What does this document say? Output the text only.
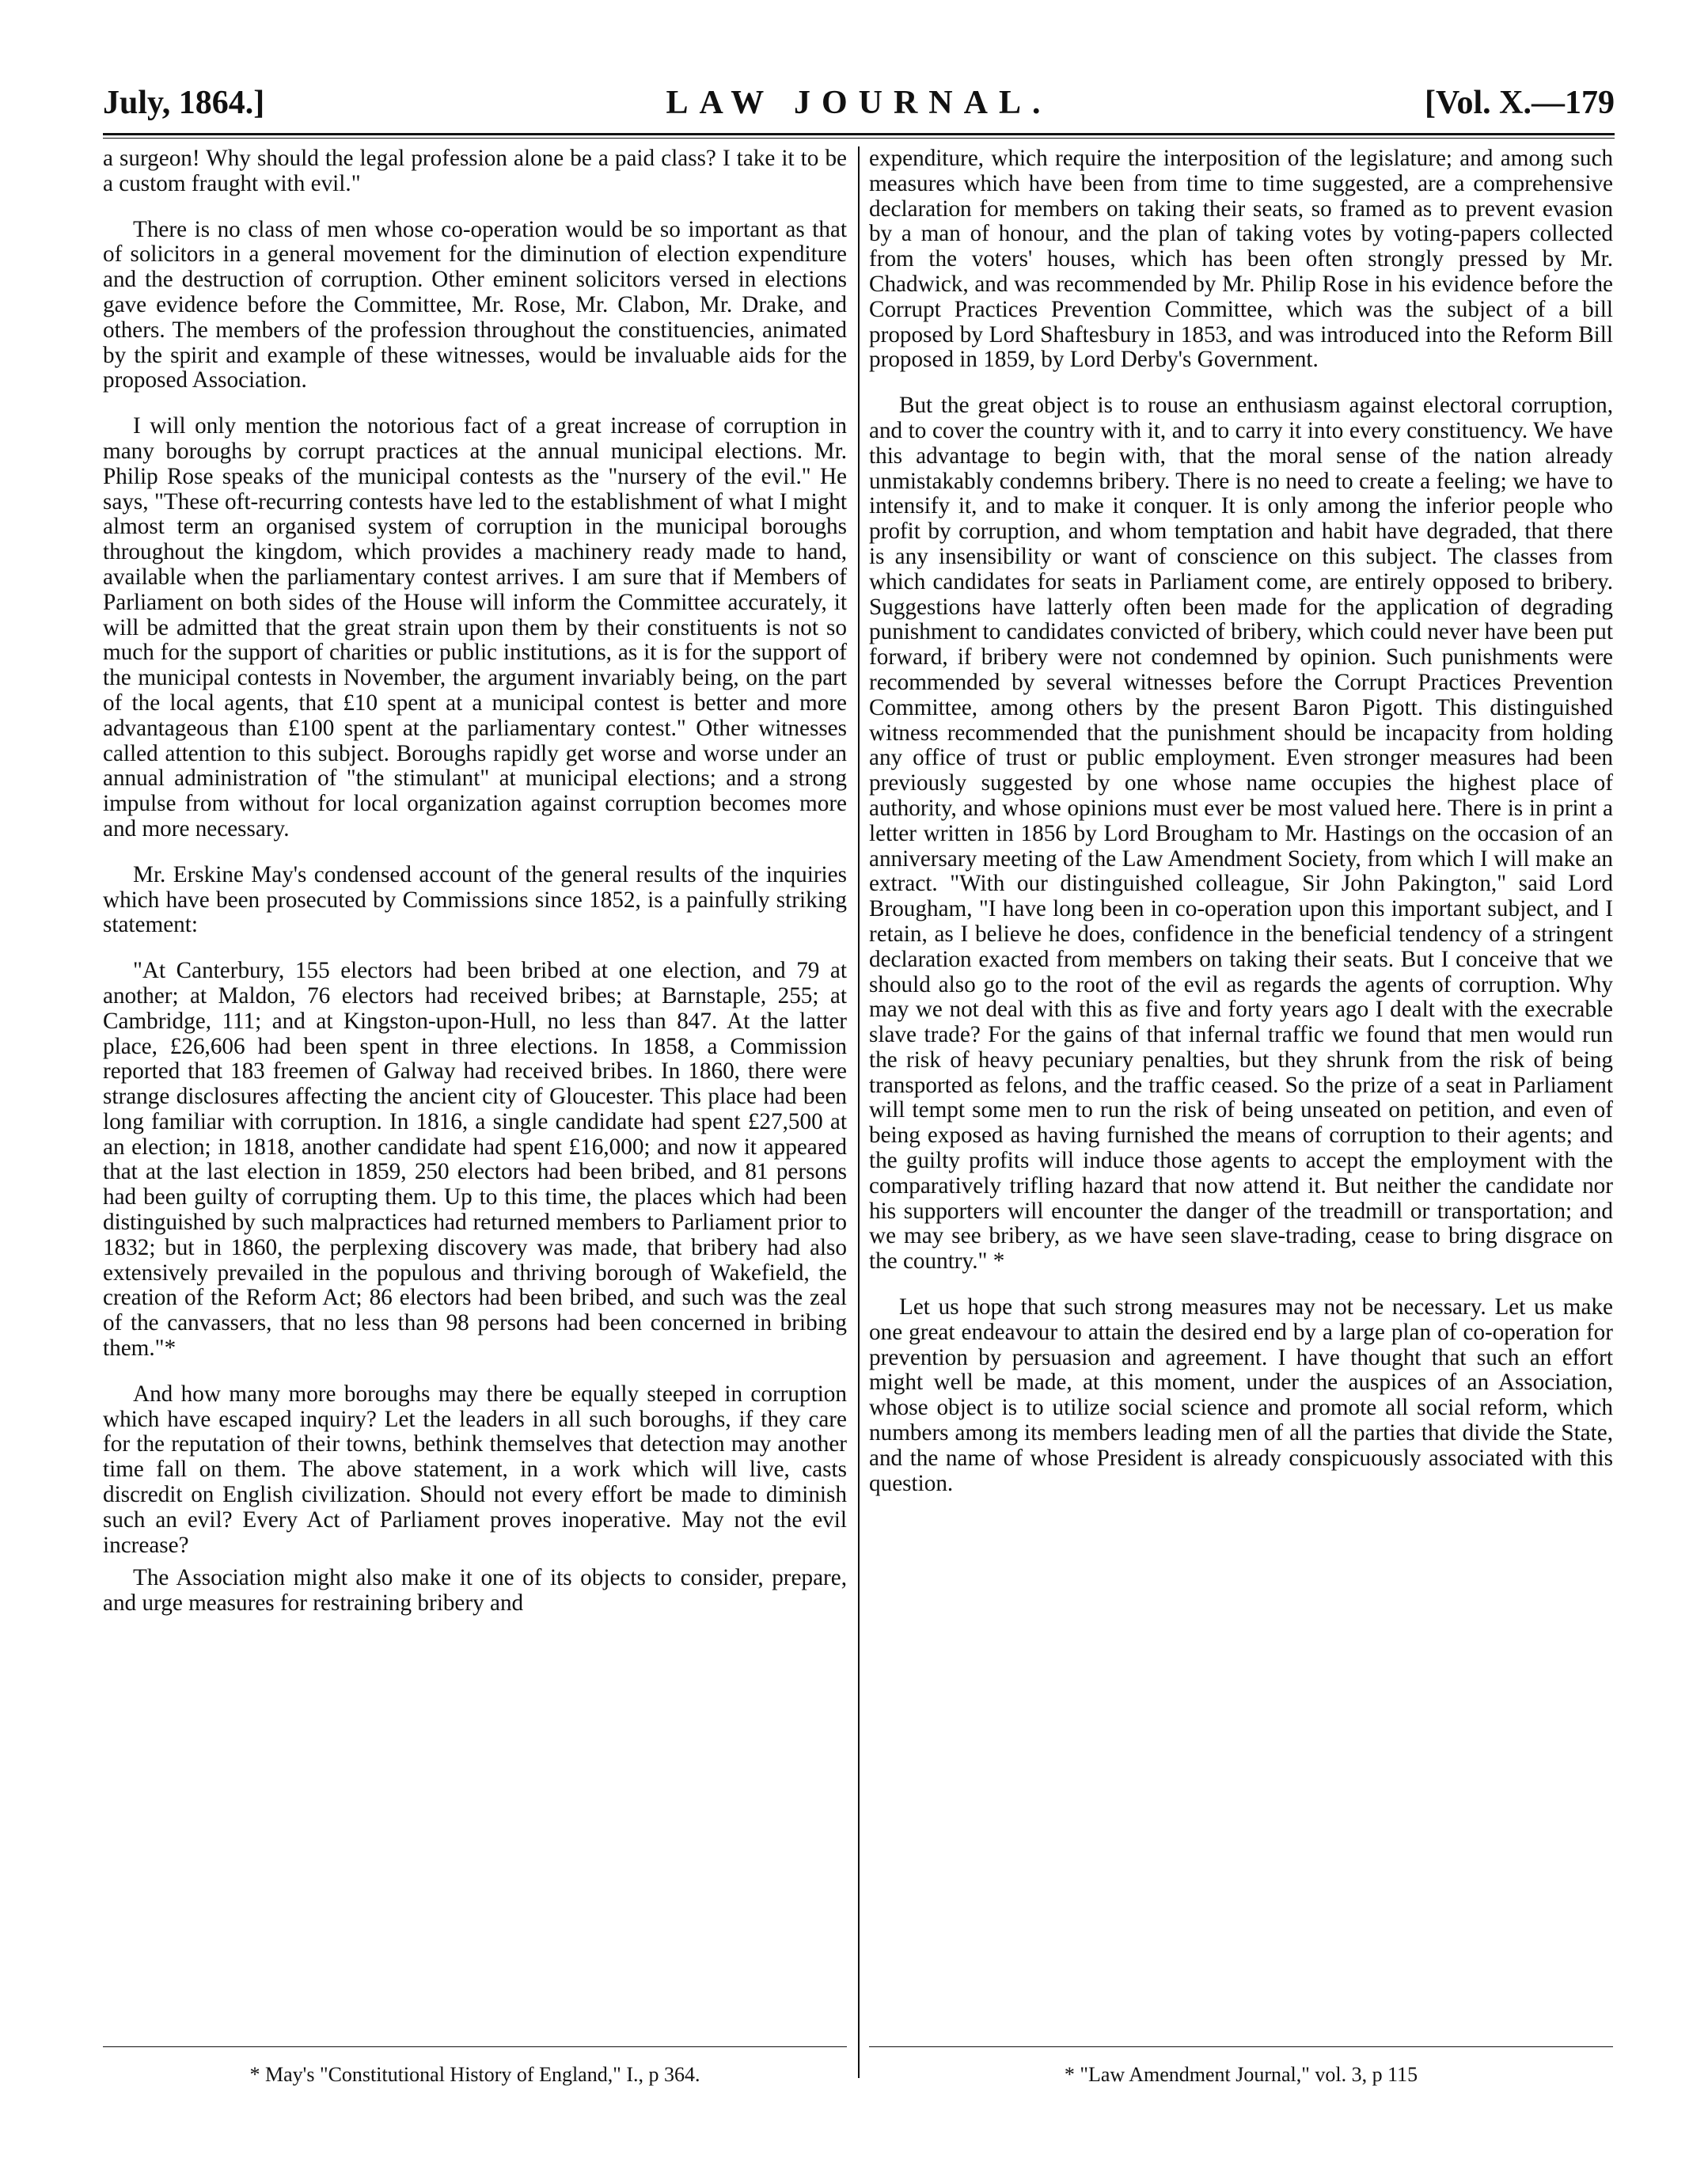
LAW JOURNAL.
July, 1864.]	[Vol. X.—179

a surgeon! Why should the legal profession alone be a paid class? I take it to be a custom fraught with evil."

There is no class of men whose co-operation would be so important as that of solicitors in a general movement for the diminution of election expenditure and the destruction of corruption. Other eminent solicitors versed in elections gave evidence before the Committee, Mr. Rose, Mr. Clabon, Mr. Drake, and others. The members of the profession throughout the constituencies, animated by the spirit and example of these witnesses, would be invaluable aids for the proposed Association.

I will only mention the notorious fact of a great increase of corruption in many boroughs by corrupt practices at the annual municipal elections. Mr. Philip Rose speaks of the municipal contests as the "nursery of the evil." He says, "These oft-recurring contests have led to the establishment of what I might almost term an organised system of corruption in the municipal boroughs throughout the kingdom, which provides a machinery ready made to hand, available when the parliamentary contest arrives. I am sure that if Members of Parliament on both sides of the House will inform the Committee accurately, it will be admitted that the great strain upon them by their constituents is not so much for the support of charities or public institutions, as it is for the support of the municipal contests in November, the argument invariably being, on the part of the local agents, that £10 spent at a municipal contest is better and more advantageous than £100 spent at the parliamentary contest." Other witnesses called attention to this subject. Boroughs rapidly get worse and worse under an annual administration of "the stimulant" at municipal elections; and a strong impulse from without for local organization against corruption becomes more and more necessary.

Mr. Erskine May's condensed account of the general results of the inquiries which have been prosecuted by Commissions since 1852, is a painfully striking statement:

"At Canterbury, 155 electors had been bribed at one election, and 79 at another; at Maldon, 76 electors had received bribes; at Barnstaple, 255; at Cambridge, 111; and at Kingston-upon-Hull, no less than 847. At the latter place, £26,606 had been spent in three elections. In 1858, a Commission reported that 183 freemen of Galway had received bribes. In 1860, there were strange disclosures affecting the ancient city of Gloucester. This place had been long familiar with corruption. In 1816, a single candidate had spent £27,500 at an election; in 1818, another candidate had spent £16,000; and now it appeared that at the last election in 1859, 250 electors had been bribed, and 81 persons had been guilty of corrupting them. Up to this time, the places which had been distinguished by such malpractices had returned members to Parliament prior to 1832; but in 1860, the perplexing discovery was made, that bribery had also extensively prevailed in the populous and thriving borough of Wakefield, the creation of the Reform Act; 86 electors had been bribed, and such was the zeal of the canvassers, that no less than 98 persons had been concerned in bribing them."*

And how many more boroughs may there be equally steeped in corruption which have escaped inquiry? Let the leaders in all such boroughs, if they care for the reputation of their towns, bethink themselves that detection may another time fall on them. The above statement, in a work which will live, casts discredit on English civilization. Should not every effort be made to diminish such an evil? Every Act of Parliament proves inoperative. May not the evil increase?

The Association might also make it one of its objects to consider, prepare, and urge measures for restraining bribery and

expenditure, which require the interposition of the legislature; and among such measures which have been from time to time suggested, are a comprehensive declaration for members on taking their seats, so framed as to prevent evasion by a man of honour, and the plan of taking votes by voting-papers collected from the voters' houses, which has been often strongly pressed by Mr. Chadwick, and was recommended by Mr. Philip Rose in his evidence before the Corrupt Practices Prevention Committee, which was the subject of a bill proposed by Lord Shaftesbury in 1853, and was introduced into the Reform Bill proposed in 1859, by Lord Derby's Government.

But the great object is to rouse an enthusiasm against electoral corruption, and to cover the country with it, and to carry it into every constituency. We have this advantage to begin with, that the moral sense of the nation already unmistakably condemns bribery. There is no need to create a feeling; we have to intensify it, and to make it conquer. It is only among the inferior people who profit by corruption, and whom temptation and habit have degraded, that there is any insensibility or want of conscience on this subject. The classes from which candidates for seats in Parliament come, are entirely opposed to bribery. Suggestions have latterly often been made for the application of degrading punishment to candidates convicted of bribery, which could never have been put forward, if bribery were not condemned by opinion. Such punishments were recommended by several witnesses before the Corrupt Practices Prevention Committee, among others by the present Baron Pigott. This distinguished witness recommended that the punishment should be incapacity from holding any office of trust or public employment. Even stronger measures had been previously suggested by one whose name occupies the highest place of authority, and whose opinions must ever be most valued here. There is in print a letter written in 1856 by Lord Brougham to Mr. Hastings on the occasion of an anniversary meeting of the Law Amendment Society, from which I will make an extract. "With our distinguished colleague, Sir John Pakington," said Lord Brougham, "I have long been in co-operation upon this important subject, and I retain, as I believe he does, confidence in the beneficial tendency of a stringent declaration exacted from members on taking their seats. But I conceive that we should also go to the root of the evil as regards the agents of corruption. Why may we not deal with this as five and forty years ago I dealt with the execrable slave trade? For the gains of that infernal traffic we found that men would run the risk of heavy pecuniary penalties, but they shrunk from the risk of being transported as felons, and the traffic ceased. So the prize of a seat in Parliament will tempt some men to run the risk of being unseated on petition, and even of being exposed as having furnished the means of corruption to their agents; and the guilty profits will induce those agents to accept the employment with the comparatively trifling hazard that now attend it. But neither the candidate nor his supporters will encounter the danger of the treadmill or transportation; and we may see bribery, as we have seen slave-trading, cease to bring disgrace on the country." *

Let us hope that such strong measures may not be necessary. Let us make one great endeavour to attain the desired end by a large plan of co-operation for prevention by persuasion and agreement. I have thought that such an effort might well be made, at this moment, under the auspices of an Association, whose object is to utilize social science and promote all social reform, which numbers among its members leading men of all the parties that divide the State, and the name of whose President is already conspicuously associated with this question.

* May's "Constitutional History of England," I., p 364.	* "Law Amendment Journal," vol. 3, p 115
